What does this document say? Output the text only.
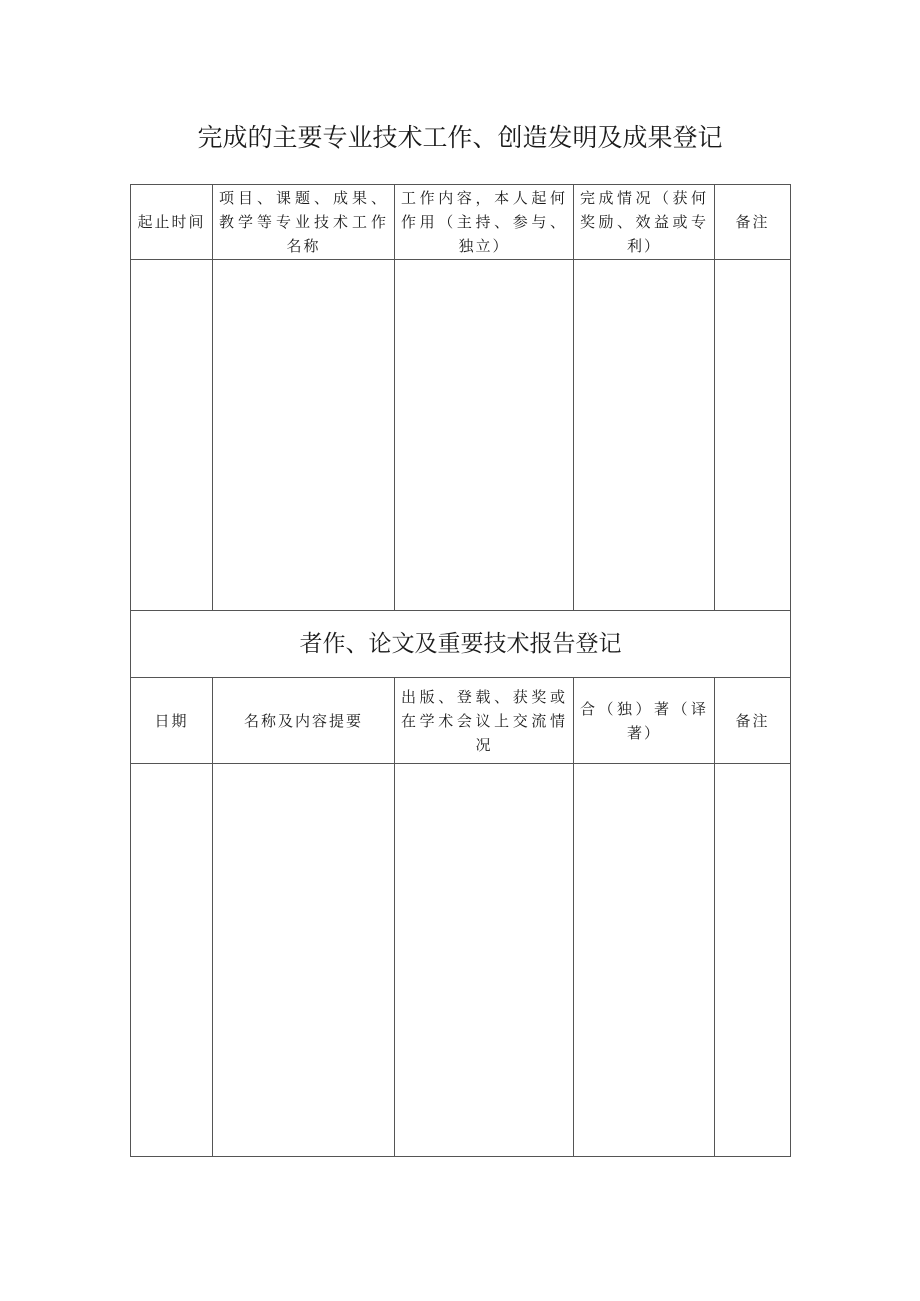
完成的主要专业技术工作、创造发明及成果登记
起止时间	项目、课题、成果、教学等专业技术工作名称	工作内容，本人起何作用（主持、参与、独立）	完成情况（获何奖励、效益或专利）	备注

者作、论文及重要技术报告登记				
日期	名称及内容提要	出版、登载、获奖或在学术会议上交流情况	合（独）著（译著）	备注
